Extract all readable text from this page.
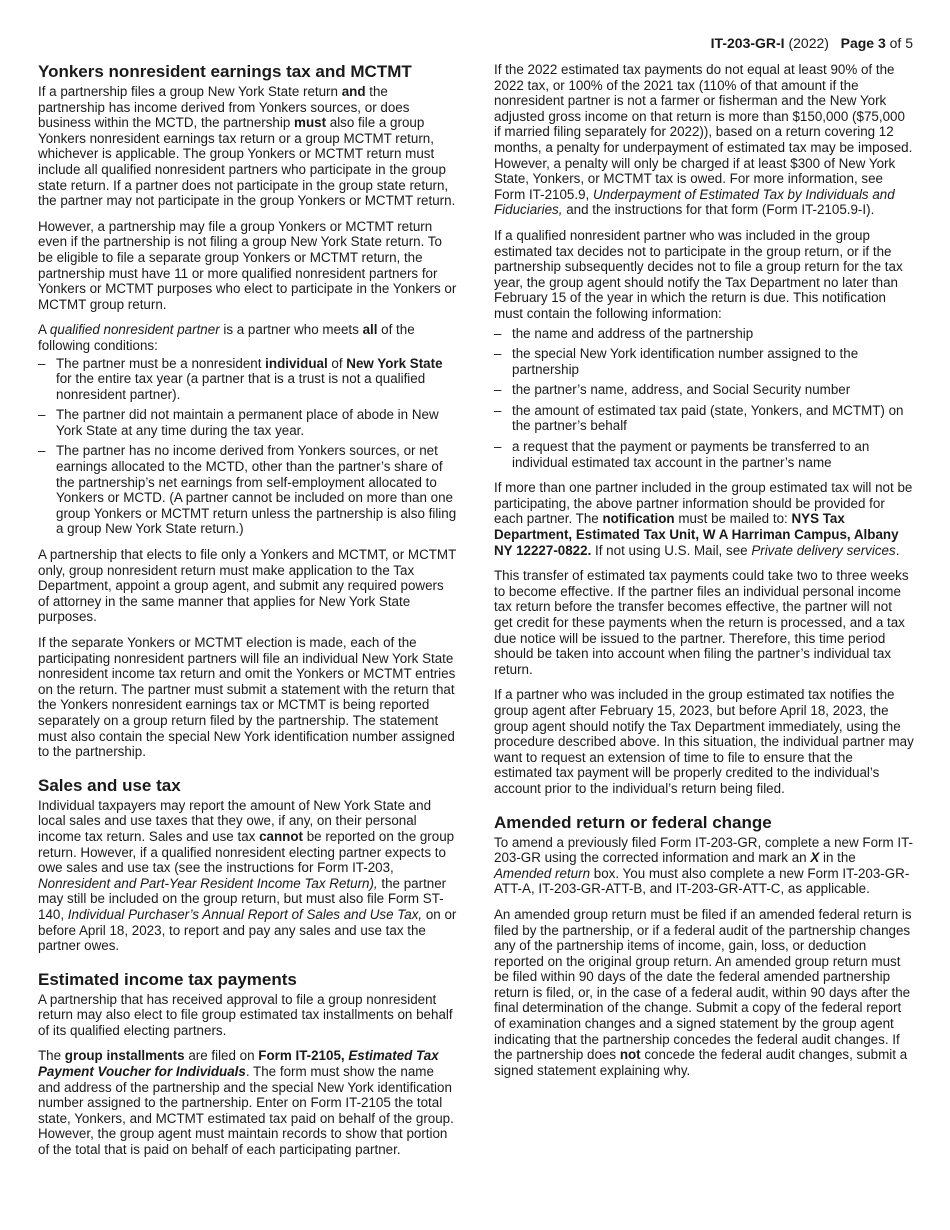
IT-203-GR-I (2022) Page 3 of 5
Yonkers nonresident earnings tax and MCTMT

If a partnership files a group New York State return and the partnership has income derived from Yonkers sources, or does business within the MCTD, the partnership must also file a group Yonkers nonresident earnings tax return or a group MCTMT return, whichever is applicable. The group Yonkers or MCTMT return must include all qualified nonresident partners who participate in the group state return. If a partner does not participate in the group state return, the partner may not participate in the group Yonkers or MCTMT return.

However, a partnership may file a group Yonkers or MCTMT return even if the partnership is not filing a group New York State return. To be eligible to file a separate group Yonkers or MCTMT return, the partnership must have 11 or more qualified nonresident partners for Yonkers or MCTMT purposes who elect to participate in the Yonkers or MCTMT group return.

A qualified nonresident partner is a partner who meets all of the following conditions:

– The partner must be a nonresident individual of New York State for the entire tax year (a partner that is a trust is not a qualified nonresident partner).
– The partner did not maintain a permanent place of abode in New York State at any time during the tax year.
– The partner has no income derived from Yonkers sources, or net earnings allocated to the MCTD, other than the partner’s share of the partnership’s net earnings from self-employment allocated to Yonkers or MCTD. (A partner cannot be included on more than one group Yonkers or MCTMT return unless the partnership is also filing a group New York State return.)

A partnership that elects to file only a Yonkers and MCTMT, or MCTMT only, group nonresident return must make application to the Tax Department, appoint a group agent, and submit any required powers of attorney in the same manner that applies for New York State purposes.

If the separate Yonkers or MCTMT election is made, each of the participating nonresident partners will file an individual New York State nonresident income tax return and omit the Yonkers or MCTMT entries on the return. The partner must submit a statement with the return that the Yonkers nonresident earnings tax or MCTMT is being reported separately on a group return filed by the partnership. The statement must also contain the special New York identification number assigned to the partnership.

Sales and use tax

Individual taxpayers may report the amount of New York State and local sales and use taxes that they owe, if any, on their personal income tax return. Sales and use tax cannot be reported on the group return. However, if a qualified nonresident electing partner expects to owe sales and use tax (see the instructions for Form IT-203, Nonresident and Part-Year Resident Income Tax Return), the partner may still be included on the group return, but must also file Form ST-140, Individual Purchaser’s Annual Report of Sales and Use Tax, on or before April 18, 2023, to report and pay any sales and use tax the partner owes.

Estimated income tax payments

A partnership that has received approval to file a group nonresident return may also elect to file group estimated tax installments on behalf of its qualified electing partners.

The group installments are filed on Form IT-2105, Estimated Tax Payment Voucher for Individuals. The form must show the name and address of the partnership and the special New York identification number assigned to the partnership. Enter on Form IT-2105 the total state, Yonkers, and MCTMT estimated tax paid on behalf of the group. However, the group agent must maintain records to show that portion of the total that is paid on behalf of each participating partner.

If the 2022 estimated tax payments do not equal at least 90% of the 2022 tax, or 100% of the 2021 tax (110% of that amount if the nonresident partner is not a farmer or fisherman and the New York adjusted gross income on that return is more than $150,000 ($75,000 if married filing separately for 2022)), based on a return covering 12 months, a penalty for underpayment of estimated tax may be imposed. However, a penalty will only be charged if at least $300 of New York State, Yonkers, or MCTMT tax is owed. For more information, see Form IT-2105.9, Underpayment of Estimated Tax by Individuals and Fiduciaries, and the instructions for that form (Form IT-2105.9-I).

If a qualified nonresident partner who was included in the group estimated tax decides not to participate in the group return, or if the partnership subsequently decides not to file a group return for the tax year, the group agent should notify the Tax Department no later than February 15 of the year in which the return is due. This notification must contain the following information:

– the name and address of the partnership
– the special New York identification number assigned to the partnership
– the partner’s name, address, and Social Security number
– the amount of estimated tax paid (state, Yonkers, and MCTMT) on the partner’s behalf
– a request that the payment or payments be transferred to an individual estimated tax account in the partner’s name

If more than one partner included in the group estimated tax will not be participating, the above partner information should be provided for each partner. The notification must be mailed to: NYS Tax Department, Estimated Tax Unit, W A Harriman Campus, Albany NY 12227-0822. If not using U.S. Mail, see Private delivery services.

This transfer of estimated tax payments could take two to three weeks to become effective. If the partner files an individual personal income tax return before the transfer becomes effective, the partner will not get credit for these payments when the return is processed, and a tax due notice will be issued to the partner. Therefore, this time period should be taken into account when filing the partner’s individual tax return.

If a partner who was included in the group estimated tax notifies the group agent after February 15, 2023, but before April 18, 2023, the group agent should notify the Tax Department immediately, using the procedure described above. In this situation, the individual partner may want to request an extension of time to file to ensure that the estimated tax payment will be properly credited to the individual’s account prior to the individual’s return being filed.

Amended return or federal change

To amend a previously filed Form IT-203-GR, complete a new Form IT-203-GR using the corrected information and mark an X in the Amended return box. You must also complete a new Form IT-203-GR-ATT-A, IT-203-GR-ATT-B, and IT-203-GR-ATT-C, as applicable.

An amended group return must be filed if an amended federal return is filed by the partnership, or if a federal audit of the partnership changes any of the partnership items of income, gain, loss, or deduction reported on the original group return. An amended group return must be filed within 90 days of the date the federal amended partnership return is filed, or, in the case of a federal audit, within 90 days after the final determination of the change. Submit a copy of the federal report of examination changes and a signed statement by the group agent indicating that the partnership concedes the federal audit changes. If the partnership does not concede the federal audit changes, submit a signed statement explaining why.
